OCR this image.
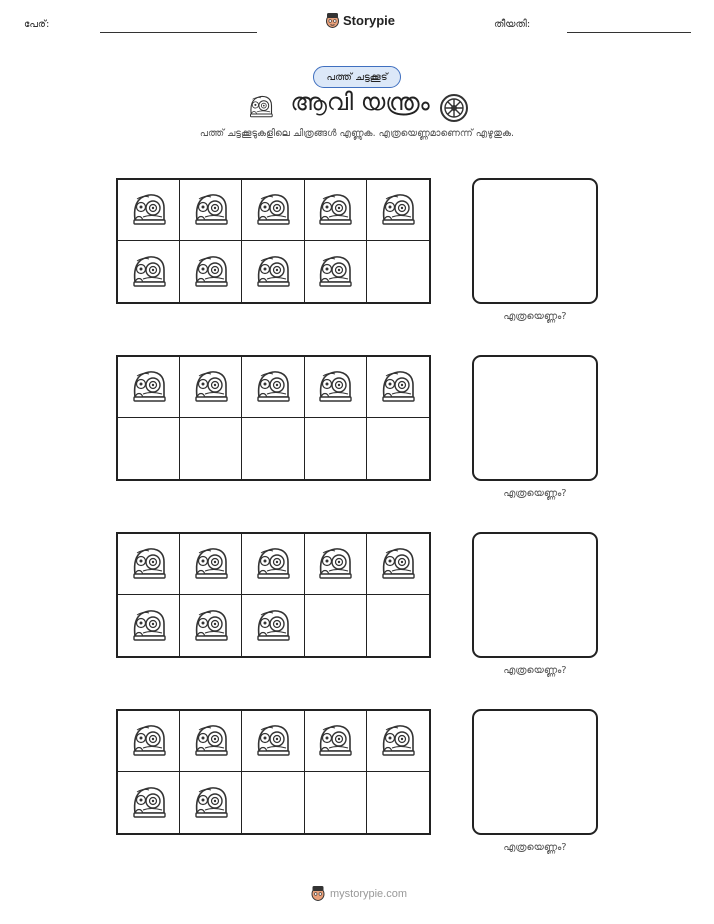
പേര്:	Storypie	തീയതി:
പത്ത് ചട്ടക്കൂട്
ആവി യന്ത്രം
പത്ത് ചട്ടക്കൂടുകളിലെ ചിത്രങ്ങൾ എണ്ണുക. എത്രയെണ്ണമാണെന്ന് എഴുതുക.
എത്രയെണ്ണം?
എത്രയെണ്ണം?
എത്രയെണ്ണം?
എത്രയെണ്ണം?
mystorypie.com
